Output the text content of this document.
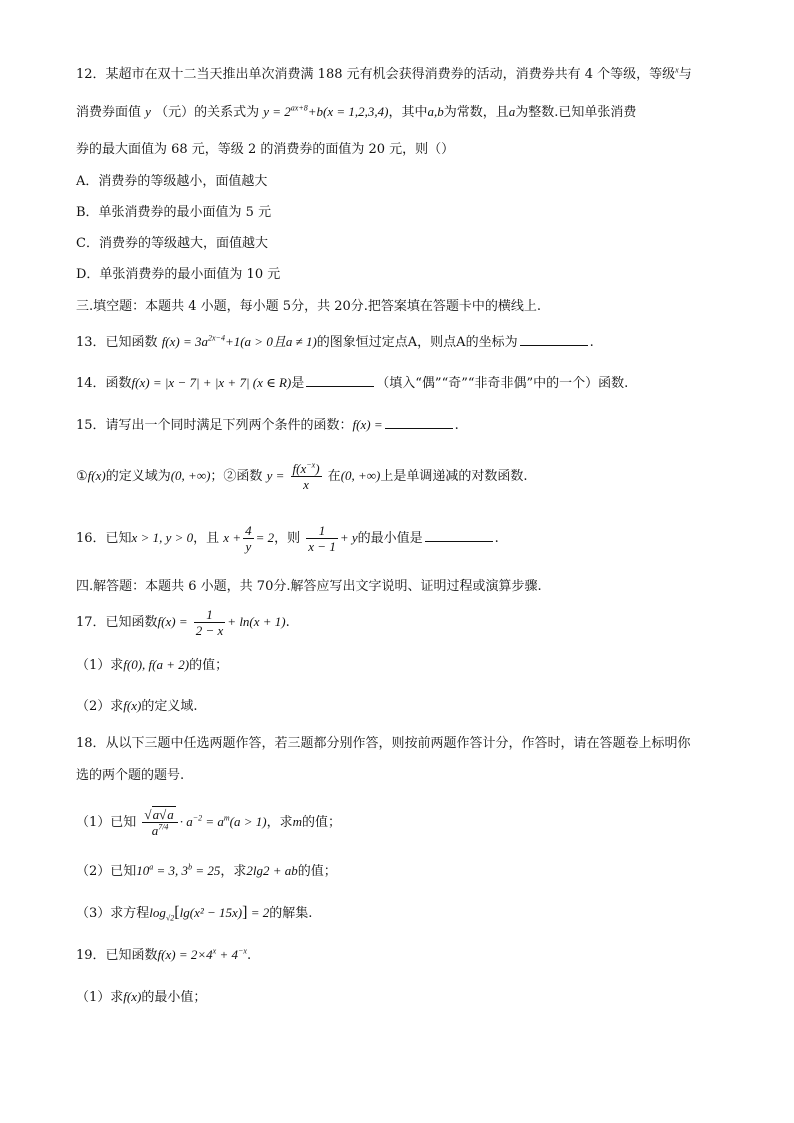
12．某超市在双十二当天推出单次消费满 188 元有机会获得消费券的活动，消费券共有 4 个等级，等级$^x$与
消费券面值 y （元）的关系式为 $y = 2^{ax+8}+b(x = 1,2,3,4)$，其中a,b为常数，且a为整数.已知单张消费
券的最大面值为 68 元，等级 2 的消费券的面值为 20 元，则（）
A．消费券的等级越小，面值越大
B．单张消费券的最小面值为 5 元
C．消费券的等级越大，面值越大
D．单张消费券的最小面值为 10 元
三.填空题：本题共 4 小题，每小题 5分，共 20分.把答案填在答题卡中的横线上.
13．已知函数 $f(x) = 3a^{2x-4}+1(a > 0$且a ≠ 1)的图象恒过定点A，则点A的坐标为	.
14．函数f(x) = |x − 7| + |x + 7| (x ∈ R)是	（填入“偶”“奇”“非奇非偶”中的一个）函数.
15．请写出一个同时满足下列两个条件的函数：f(x) =	.
①f(x)的定义域为(0, +∞)；②函数 $y = \frac{f(x^{-x})}{x}$ 在(0, +∞)上是单调递减的对数函数.
16．已知x > 1, y > 0，且 $x + \frac{4}{y} = 2$，则 $\frac{1}{x - 1} + y$的最小值是	.
四.解答题：本题共 6 小题，共 70分.解答应写出文字说明、证明过程或演算步骤.
17．已知函数$f(x) = \frac{1}{2 - x} + \ln(x + 1)$.
（1）求f(0), f(a + 2)的值；
（2）求f(x)的定义域.
18．从以下三题中任选两题作答，若三题都分别作答，则按前两题作答计分，作答时，请在答题卷上标明你
选的两个题的题号.
（1）已知 $\frac{√a√a}{a^{7/4}} \cdot a^{-2} = a^m(a > 1)$，求m的值；
（2）已知$10^a = 3$, $3^b = 25$，求2lg2 + ab的值；
（3）求方程$\log_{√2}[\lg(x^2 - 15x)] = 2$的解集.
19．已知函数$f(x) = 2\times 4^x + 4^{-x}$.
（1）求f(x)的最小值；
